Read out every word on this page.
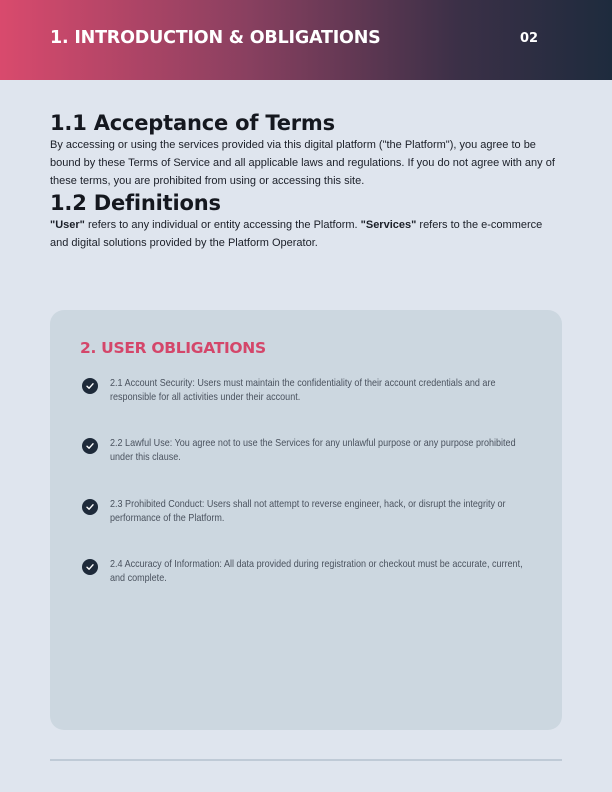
1. INTRODUCTION & OBLIGATIONS	02
1.1 Acceptance of Terms

By accessing or using the services provided via this digital platform ("the Platform"), you agree to be bound by these Terms of Service and all applicable laws and regulations. If you do not agree with any of these terms, you are prohibited from using or accessing this site.

1.2 Definitions

"User" refers to any individual or entity accessing the Platform. "Services" refers to the e-commerce and digital solutions provided by the Platform Operator.

2. USER OBLIGATIONS
2.1 Account Security: Users must maintain the confidentiality of their account credentials and are responsible for all activities under their account.
2.2 Lawful Use: You agree not to use the Services for any unlawful purpose or any purpose prohibited under this clause.
2.3 Prohibited Conduct: Users shall not attempt to reverse engineer, hack, or disrupt the integrity or performance of the Platform.
2.4 Accuracy of Information: All data provided during registration or checkout must be accurate, current, and complete.
